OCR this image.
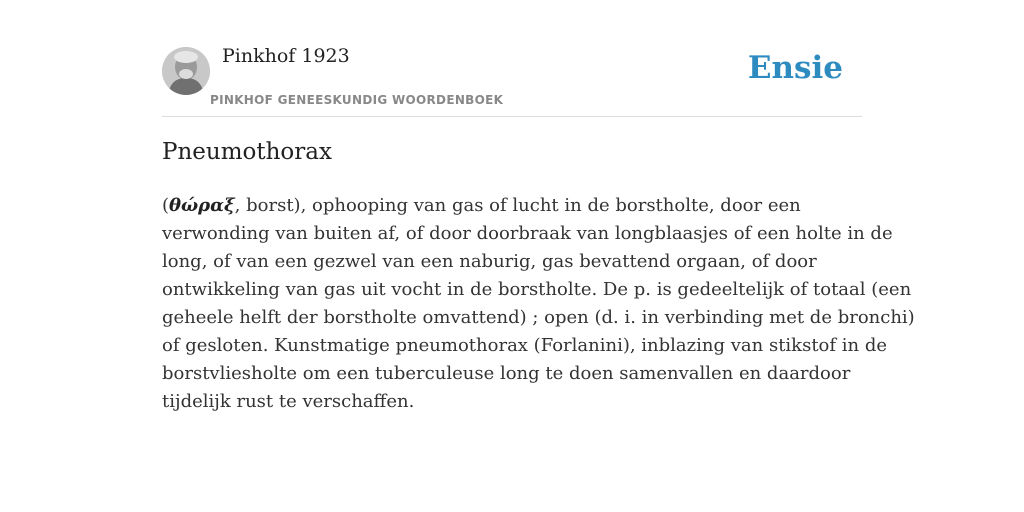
Pinkhof 1923
PINKHOF GENEESKUNDIG WOORDENBOEK
Ensie
Pneumothorax

(θώραξ, borst), ophooping van gas of lucht in de borstholte, door een
verwonding van buiten af, of door doorbraak van longblaasjes of een holte in de
long, of van een gezwel van een naburig, gas bevattend orgaan, of door
ontwikkeling van gas uit vocht in de borstholte. De p. is gedeeltelijk of totaal (een
geheele helft der borstholte omvattend) ; open (d. i. in verbinding met de bronchi)
of gesloten. Kunstmatige pneumothorax (Forlanini), inblazing van stikstof in de
borstvliesholte om een tuberculeuse long te doen samenvallen en daardoor
tijdelijk rust te verschaffen.
